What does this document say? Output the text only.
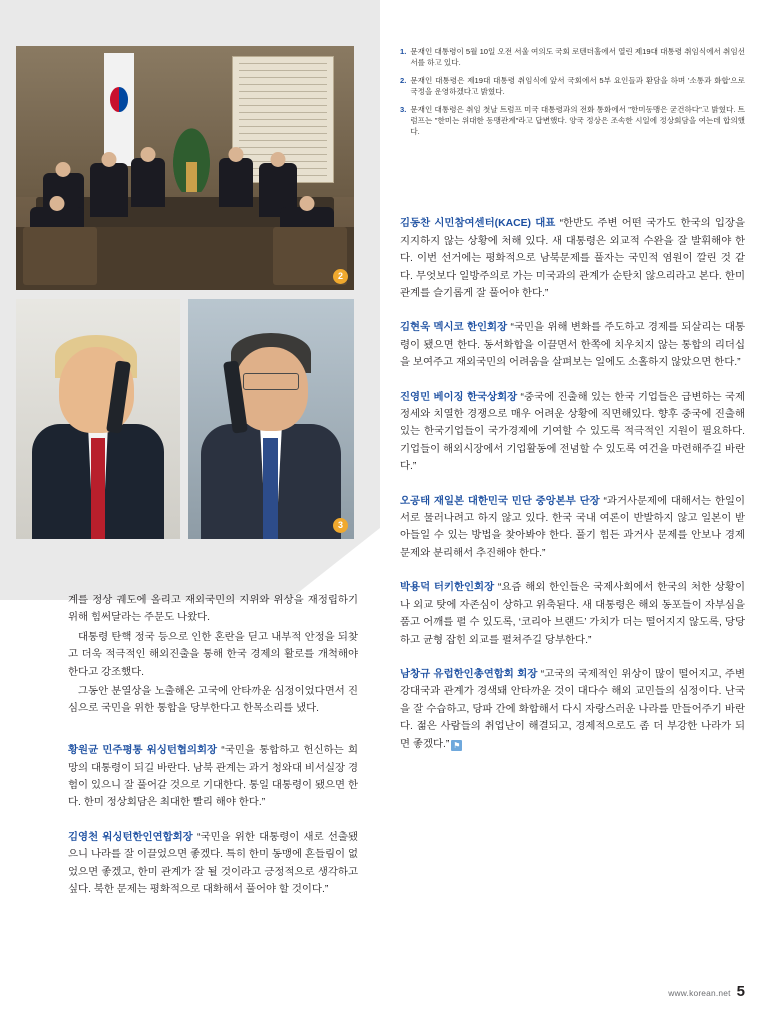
2
3
1. 문재인 대통령이 5월 10일 오전 서울 여의도 국회 로텐더홀에서 열린 제19대 대통령 취임식에서 취임선서를 하고 있다.
2. 문재인 대통령은 제19대 대통령 취임식에 앞서 국회에서 5부 요인들과 환담을 하며 '소통과 화합'으로 국정을 운영하겠다고 밝혔다.
3. 문재인 대통령은 취임 첫날 트럼프 미국 대통령과의 전화 통화에서 "한미동맹은 굳건하다"고 밝혔다. 트럼프는 "한미는 위대한 동맹관계"라고 답변했다. 양국 정상은 조속한 시일에 정상회담을 여는데 합의했다.

김동찬 시민참여센터(KACE) 대표 “한반도 주변 어떤 국가도 한국의 입장을 지지하지 않는 상황에 처해 있다. 새 대통령은 외교적 수완을 잘 발휘해야 한다. 이번 선거에는 평화적으로 남북문제를 풀자는 국민적 염원이 깔린 것 같다. 무엇보다 일방주의로 가는 미국과의 관계가 순탄치 않으리라고 본다. 한미 관계를 슬기롭게 잘 풀어야 한다.”

김현욱 멕시코 한인회장 “국민을 위해 변화를 주도하고 경제를 되살리는 대통령이 됐으면 한다. 동서화합을 이끌면서 한쪽에 치우치지 않는 통합의 리더십을 보여주고 재외국민의 어려움을 살펴보는 일에도 소홀하지 않았으면 한다.”

진영민 베이징 한국상회장 “중국에 진출해 있는 한국 기업들은 급변하는 국제정세와 치열한 경쟁으로 매우 어려운 상황에 직면해있다. 향후 중국에 진출해있는 한국기업들이 국가경제에 기여할 수 있도록 적극적인 지원이 필요하다. 기업들이 해외시장에서 기업활동에 전념할 수 있도록 여건을 마련해주길 바란다.”

오공태 재일본 대한민국 민단 중앙본부 단장 “과거사문제에 대해서는 한일이 서로 물러나려고 하지 않고 있다. 한국 국내 여론이 반발하지 않고 일본이 받아들일 수 있는 방법을 찾아봐야 한다. 풀기 힘든 과거사 문제를 안보나 경제 문제와 분리해서 추진해야 한다.”

박용덕 터키한인회장 “요즘 해외 한인들은 국제사회에서 한국의 처한 상황이나 외교 탓에 자존심이 상하고 위축된다. 새 대통령은 해외 동포들이 자부심을 품고 어깨를 펼 수 있도록, ‘코리아 브랜드’ 가치가 더는 떨어지지 않도록, 당당하고 균형 잡힌 외교를 펼쳐주길 당부한다.”

남창규 유럽한인총연합회 회장 “고국의 국제적인 위상이 많이 떨어지고, 주변 강대국과 관계가 경색돼 안타까운 것이 대다수 해외 교민들의 심정이다. 난국을 잘 수습하고, 당파 간에 화합해서 다시 자랑스러운 나라를 만들어주기 바란다. 젊은 사람들의 취업난이 해결되고, 경제적으로도 좀 더 부강한 나라가 되면 좋겠다.” ⚑

계를 정상 궤도에 올리고 재외국민의 지위와 위상을 재정립하기 위해 힘써달라는 주문도 나왔다.

대통령 탄핵 정국 등으로 인한 혼란을 딛고 내부적 안정을 되찾고 더욱 적극적인 해외진출을 통해 한국 경제의 활로를 개척해야 한다고 강조했다.

그동안 분열상을 노출해온 고국에 안타까운 심정이었다면서 진심으로 국민을 위한 통합을 당부한다고 한목소리를 냈다.

황원균 민주평통 워싱턴협의회장 “국민을 통합하고 헌신하는 희망의 대통령이 되길 바란다. 남북 관계는 과거 청와대 비서실장 경험이 있으니 잘 풀어갈 것으로 기대한다. 통일 대통령이 됐으면 한다. 한미 정상회담은 최대한 빨리 해야 한다.”

김영천 워싱턴한인연합회장 “국민을 위한 대통령이 새로 선출됐으니 나라를 잘 이끌었으면 좋겠다. 특히 한미 동맹에 흔들림이 없었으면 좋겠고, 한미 관계가 잘 될 것이라고 긍정적으로 생각하고 싶다. 북한 문제는 평화적으로 대화해서 풀어야 할 것이다.”

www.korean.net 5
